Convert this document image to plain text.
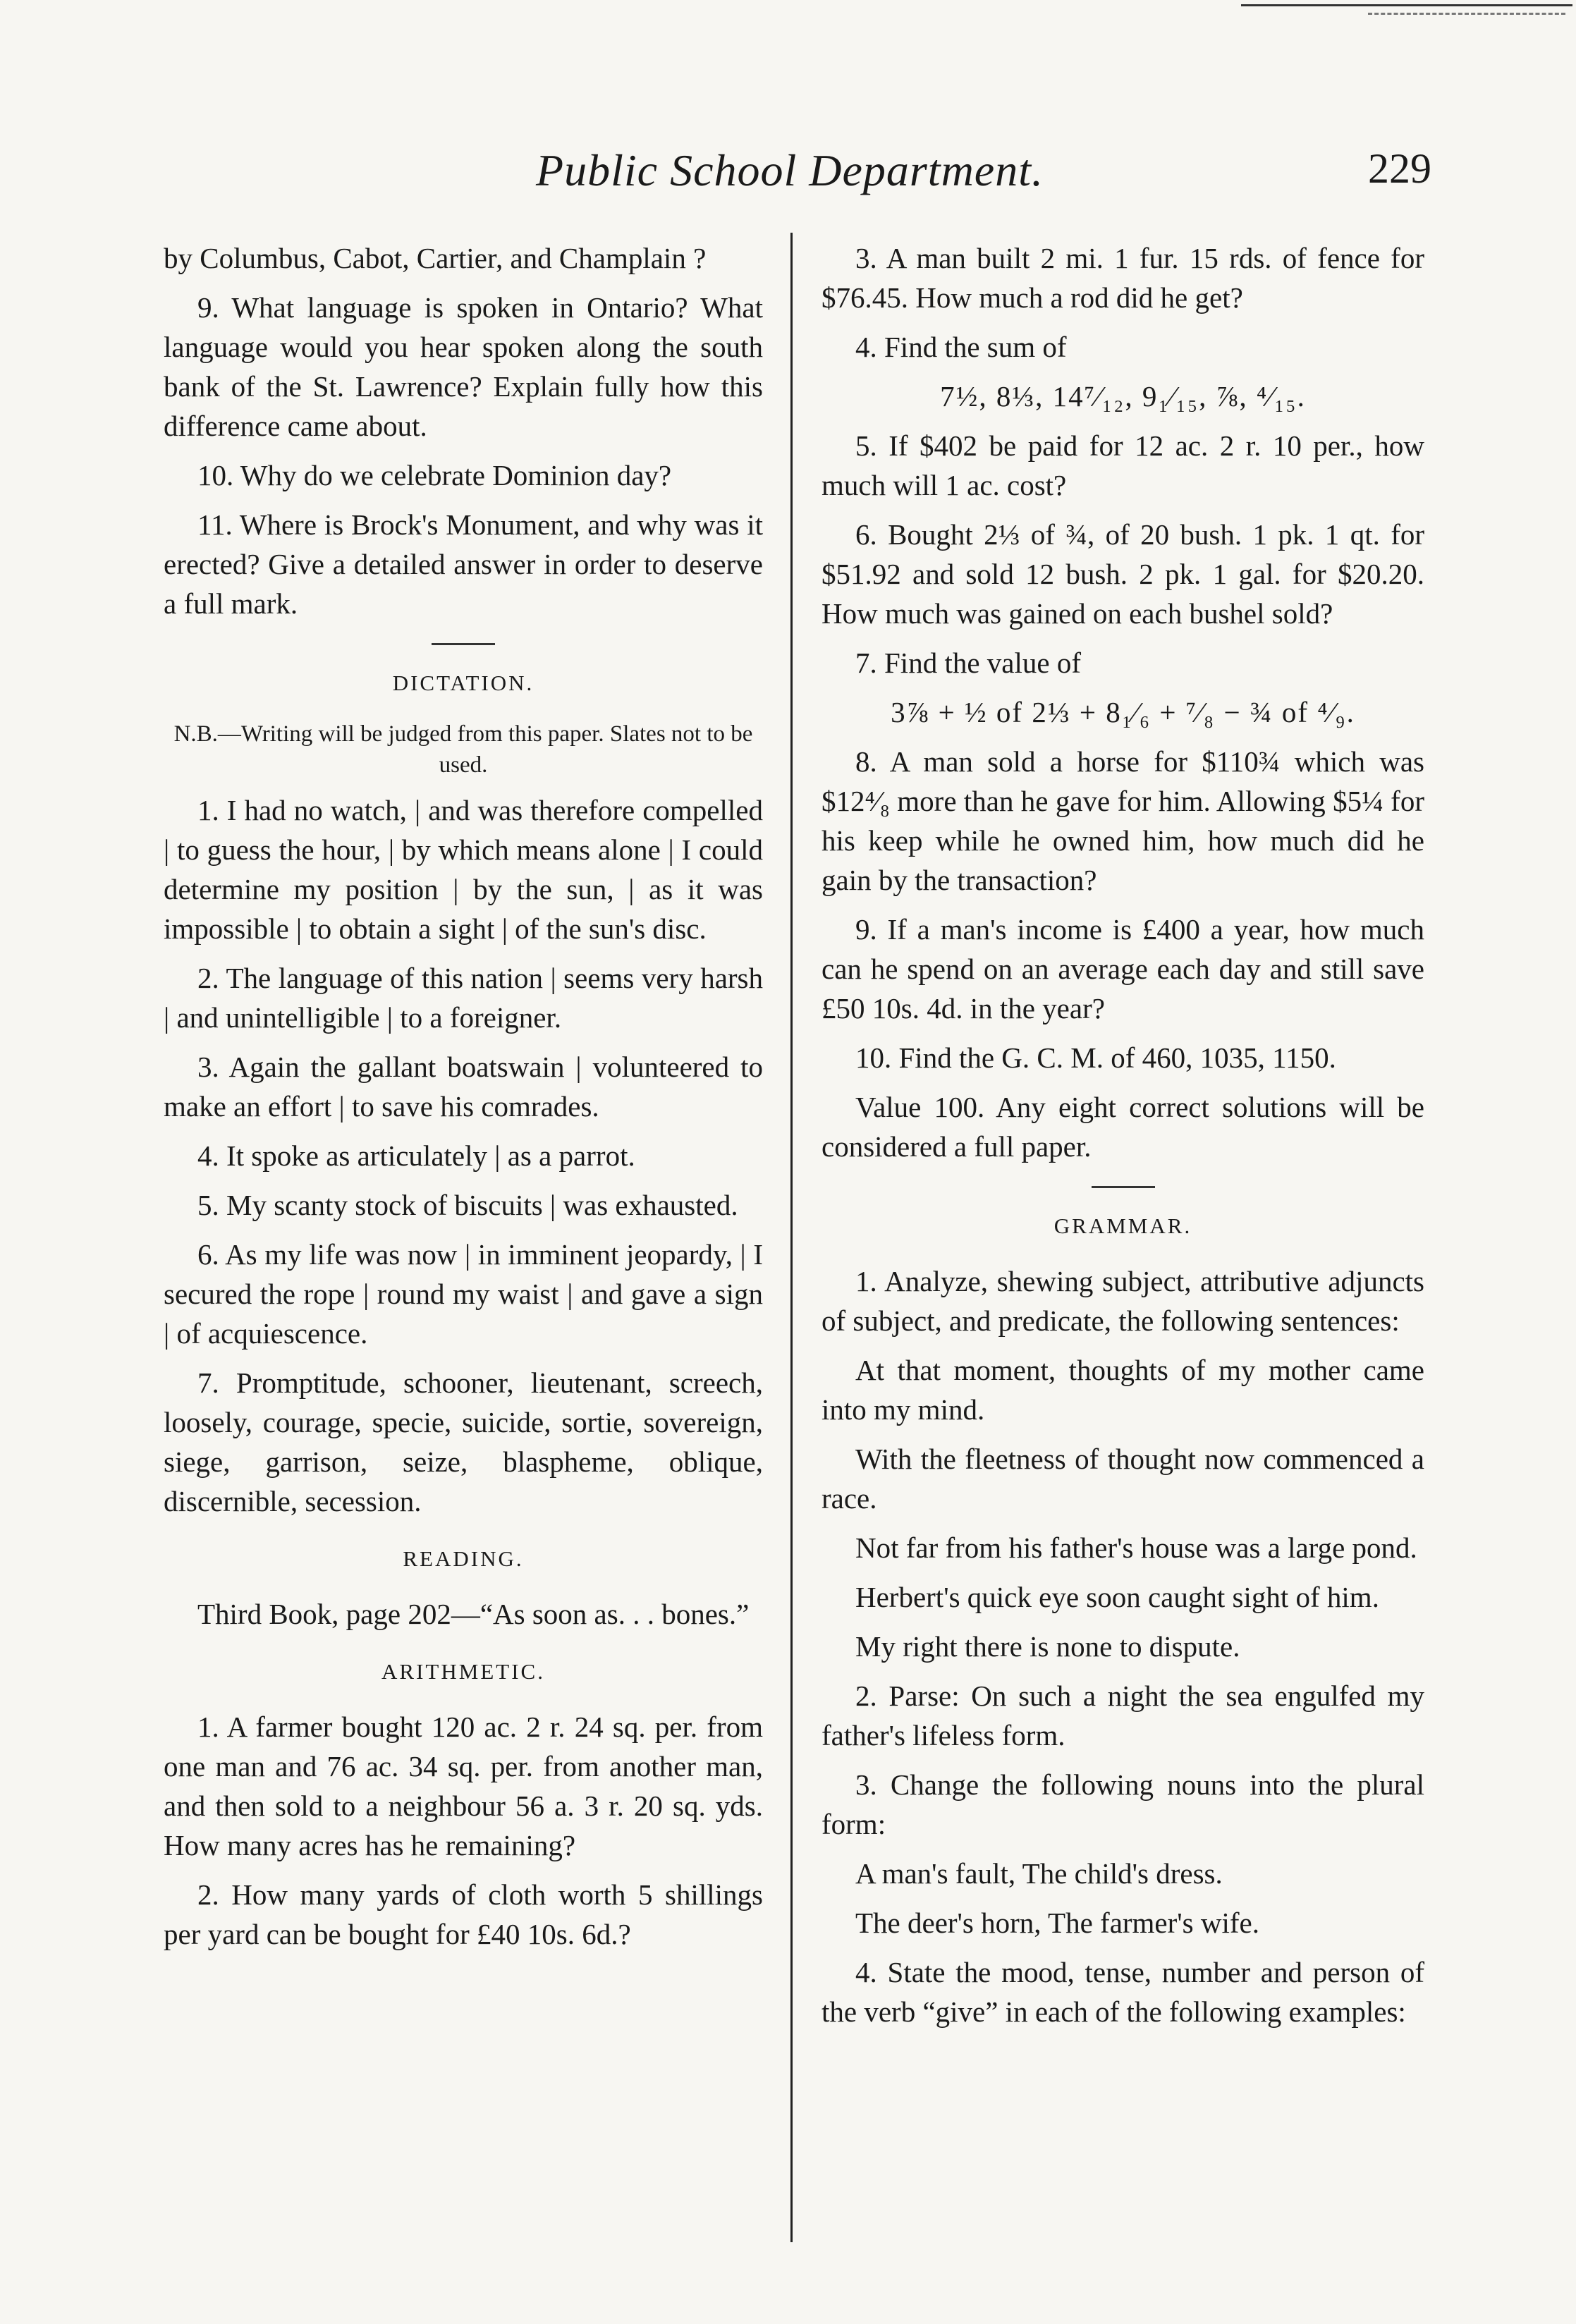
Public School Department.	229

by Columbus, Cabot, Cartier, and Champlain ?

9. What language is spoken in Ontario? What language would you hear spoken along the south bank of the St. Lawrence? Explain fully how this difference came about.

10. Why do we celebrate Dominion day?

11. Where is Brock's Monument, and why was it erected? Give a detailed answer in order to deserve a full mark.

DICTATION.

N.B.—Writing will be judged from this paper. Slates not to be used.

1. I had no watch, | and was therefore compelled | to guess the hour, | by which means alone | I could determine my position | by the sun, | as it was impossible | to obtain a sight | of the sun's disc.

2. The language of this nation | seems very harsh | and unintelligible | to a foreigner.

3. Again the gallant boatswain | volunteered to make an effort | to save his comrades.

4. It spoke as articulately | as a parrot.

5. My scanty stock of biscuits | was exhausted.

6. As my life was now | in imminent jeopardy, | I secured the rope | round my waist | and gave a sign | of acquiescence.

7. Promptitude, schooner, lieutenant, screech, loosely, courage, specie, suicide, sortie, sovereign, siege, garrison, seize, blaspheme, oblique, discernible, secession.

READING.

Third Book, page 202—“As soon as. . . bones.”

ARITHMETIC.

1. A farmer bought 120 ac. 2 r. 24 sq. per. from one man and 76 ac. 34 sq. per. from another man, and then sold to a neighbour 56 a. 3 r. 20 sq. yds. How many acres has he remaining?

2. How many yards of cloth worth 5 shillings per yard can be bought for £40 10s. 6d.?

3. A man built 2 mi. 1 fur. 15 rds. of fence for $76.45. How much a rod did he get?

4. Find the sum of

7½, 8⅓, 14⁷⁄₁₂, 9₁⁄₁₅, ⅞, ⁴⁄₁₅.

5. If $402 be paid for 12 ac. 2 r. 10 per., how much will 1 ac. cost?

6. Bought 2⅓ of ¾, of 20 bush. 1 pk. 1 qt. for $51.92 and sold 12 bush. 2 pk. 1 gal. for $20.20. How much was gained on each bushel sold?

7. Find the value of

3⅞ + ½ of 2⅓ + 8₁⁄₆ + ⁷⁄₈ − ¾ of ⁴⁄₉.

8. A man sold a horse for $110¾ which was $12⁴⁄₈ more than he gave for him. Allowing $5¼ for his keep while he owned him, how much did he gain by the transaction?

9. If a man's income is £400 a year, how much can he spend on an average each day and still save £50 10s. 4d. in the year?

10. Find the G. C. M. of 460, 1035, 1150.

Value 100. Any eight correct solutions will be considered a full paper.

GRAMMAR.

1. Analyze, shewing subject, attributive adjuncts of subject, and predicate, the following sentences:

At that moment, thoughts of my mother came into my mind.

With the fleetness of thought now commenced a race.

Not far from his father's house was a large pond.

Herbert's quick eye soon caught sight of him.

My right there is none to dispute.

2. Parse: On such a night the sea engulfed my father's lifeless form.

3. Change the following nouns into the plural form:

A man's fault, The child's dress.

The deer's horn, The farmer's wife.

4. State the mood, tense, number and person of the verb “give” in each of the following examples:
